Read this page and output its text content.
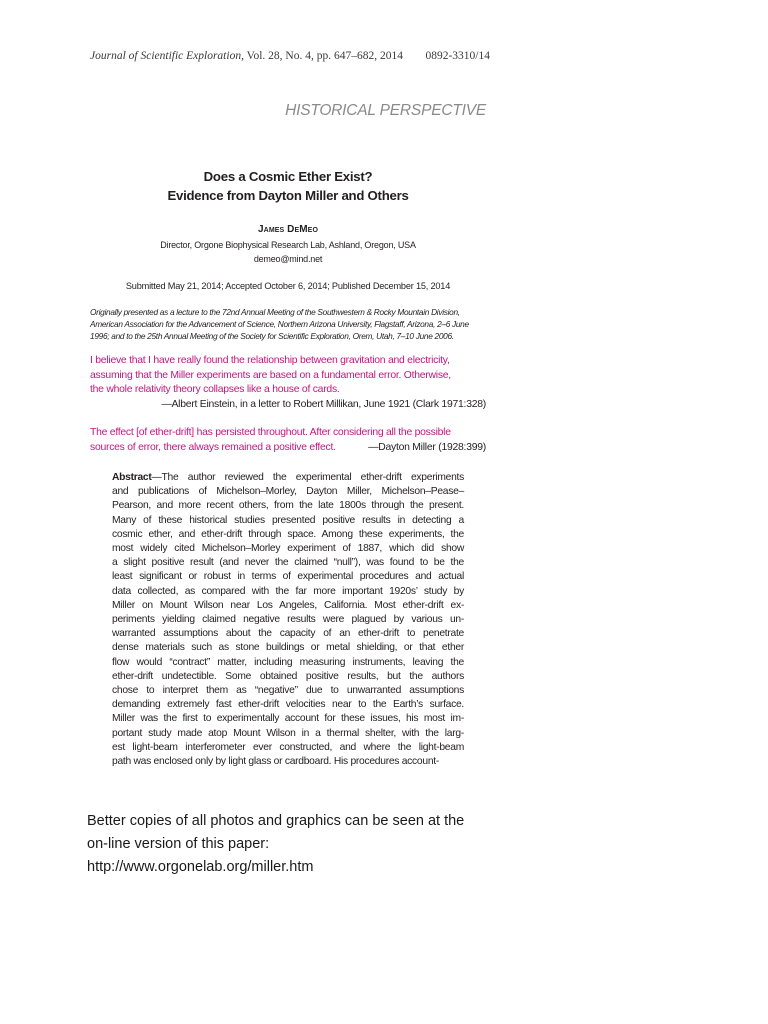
Journal of Scientific Exploration, Vol. 28, No. 4, pp. 647–682, 2014 0892-3310/14
HISTORICAL PERSPECTIVE
Does a Cosmic Ether Exist?
Evidence from Dayton Miller and Others
James DeMeo
Director, Orgone Biophysical Research Lab, Ashland, Oregon, USA
demeo@mind.net
Submitted May 21, 2014; Accepted October 6, 2014; Published December 15, 2014
Originally presented as a lecture to the 72nd Annual Meeting of the Southwestern & Rocky Mountain Division,
American Association for the Advancement of Science, Northern Arizona University, Flagstaff, Arizona, 2–6 June
1996; and to the 25th Annual Meeting of the Society for Scientific Exploration, Orem, Utah, 7–10 June 2006.
I believe that I have really found the relationship between gravitation and electricity,
assuming that the Miller experiments are based on a fundamental error. Otherwise,
the whole relativity theory collapses like a house of cards.
—Albert Einstein, in a letter to Robert Millikan, June 1921 (Clark 1971:328)
The effect [of ether-drift] has persisted throughout. After considering all the possible
sources of error, there always remained a positive effect.	—Dayton Miller (1928:399)
Abstract—The author reviewed the experimental ether-drift experiments
and publications of Michelson–Morley, Dayton Miller, Michelson–Pease–
Pearson, and more recent others, from the late 1800s through the present.
Many of these historical studies presented positive results in detecting a
cosmic ether, and ether-drift through space. Among these experiments, the
most widely cited Michelson–Morley experiment of 1887, which did show
a slight positive result (and never the claimed “null”), was found to be the
least significant or robust in terms of experimental procedures and actual
data collected, as compared with the far more important 1920s’ study by
Miller on Mount Wilson near Los Angeles, California. Most ether-drift ex-
periments yielding claimed negative results were plagued by various un-
warranted assumptions about the capacity of an ether-drift to penetrate
dense materials such as stone buildings or metal shielding, or that ether
flow would “contract” matter, including measuring instruments, leaving the
ether-drift undetectible. Some obtained positive results, but the authors
chose to interpret them as “negative” due to unwarranted assumptions
demanding extremely fast ether-drift velocities near to the Earth’s surface.
Miller was the first to experimentally account for these issues, his most im-
portant study made atop Mount Wilson in a thermal shelter, with the larg-
est light-beam interferometer ever constructed, and where the light-beam
path was enclosed only by light glass or cardboard. His procedures account-
Better copies of all photos and graphics can be seen at the
on-line version of this paper:
http://www.orgonelab.org/miller.htm
